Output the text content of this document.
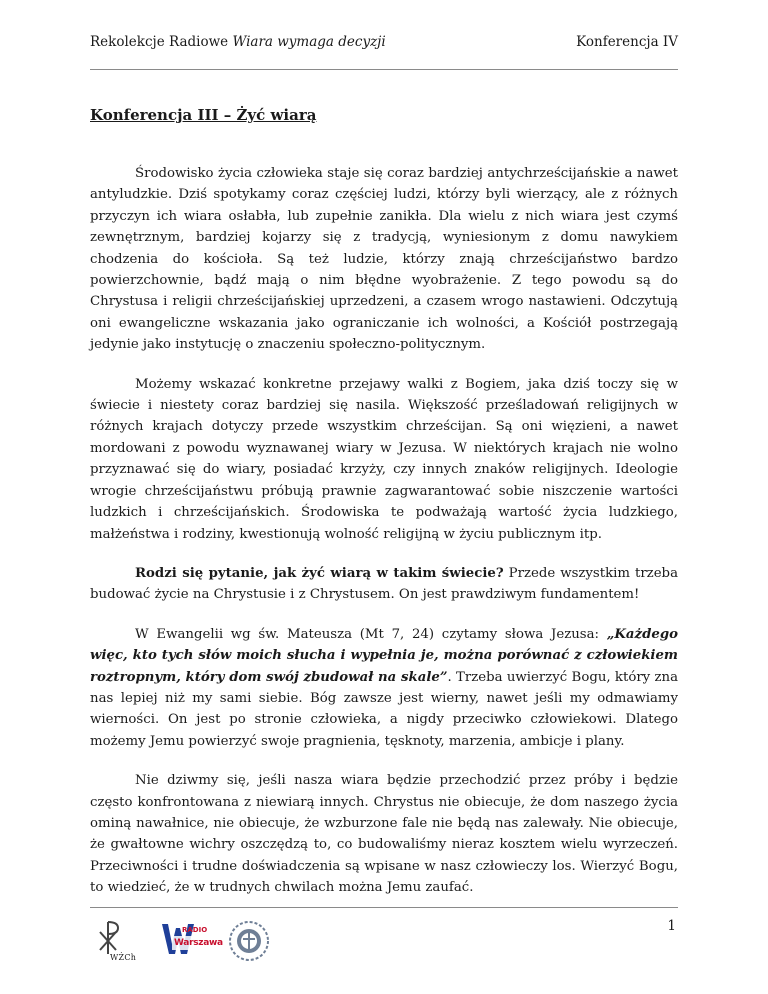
Rekolekcje Radiowe Wiara wymaga decyzji	Konferencja IV
Konferencja III – Żyć wiarą

Środowisko życia człowieka staje się coraz bardziej antychrześcijańskie a nawet antyludzkie. Dziś spotykamy coraz częściej ludzi, którzy byli wierzący, ale z różnych przyczyn ich wiara osłabła, lub zupełnie zanikła. Dla wielu z nich wiara jest czymś zewnętrznym, bardziej kojarzy się z tradycją, wyniesionym z domu nawykiem chodzenia do kościoła. Są też ludzie, którzy znają chrześcijaństwo bardzo powierzchownie, bądź mają o nim błędne wyobrażenie. Z tego powodu są do Chrystusa i religii chrześcijańskiej uprzedzeni, a czasem wrogo nastawieni. Odczytują oni ewangeliczne wskazania jako ograniczanie ich wolności, a Kościół postrzegają jedynie jako instytucję o znaczeniu społeczno-politycznym.

Możemy wskazać konkretne przejawy walki z Bogiem, jaka dziś toczy się w świecie i niestety coraz bardziej się nasila. Większość prześladowań religijnych w różnych krajach dotyczy przede wszystkim chrześcijan. Są oni więzieni, a nawet mordowani z powodu wyznawanej wiary w Jezusa. W niektórych krajach nie wolno przyznawać się do wiary, posiadać krzyży, czy innych znaków religijnych. Ideologie wrogie chrześcijaństwu próbują prawnie zagwarantować sobie niszczenie wartości ludzkich i chrześcijańskich. Środowiska te podważają wartość życia ludzkiego, małżeństwa i rodziny, kwestionują wolność religijną w życiu publicznym itp.

Rodzi się pytanie, jak żyć wiarą w takim świecie? Przede wszystkim trzeba budować życie na Chrystusie i z Chrystusem. On jest prawdziwym fundamentem!

W Ewangelii wg św. Mateusza (Mt 7, 24) czytamy słowa Jezusa: „Każdego więc, kto tych słów moich słucha i wypełnia je, można porównać z człowiekiem roztropnym, który dom swój zbudował na skale”. Trzeba uwierzyć Bogu, który zna nas lepiej niż my sami siebie. Bóg zawsze jest wierny, nawet jeśli my odmawiamy wierności. On jest po stronie człowieka, a nigdy przeciwko człowiekowi. Dlatego możemy Jemu powierzyć swoje pragnienia, tęsknoty, marzenia, ambicje i plany.

Nie dziwmy się, jeśli nasza wiara będzie przechodzić przez próby i będzie często konfrontowana z niewiarą innych. Chrystus nie obiecuje, że dom naszego życia ominą nawałnice, nie obiecuje, że wzburzone fale nie będą nas zalewały. Nie obiecuje, że gwałtowne wichry oszczędzą to, co budowaliśmy nieraz kosztem wielu wyrzeczeń. Przeciwności i trudne doświadczenia są wpisane w nasz człowieczy los. Wierzyć Bogu, to wiedzieć, że w trudnych chwilach można Jemu zaufać.

WŻCh
RADIO
Warszawa
1
